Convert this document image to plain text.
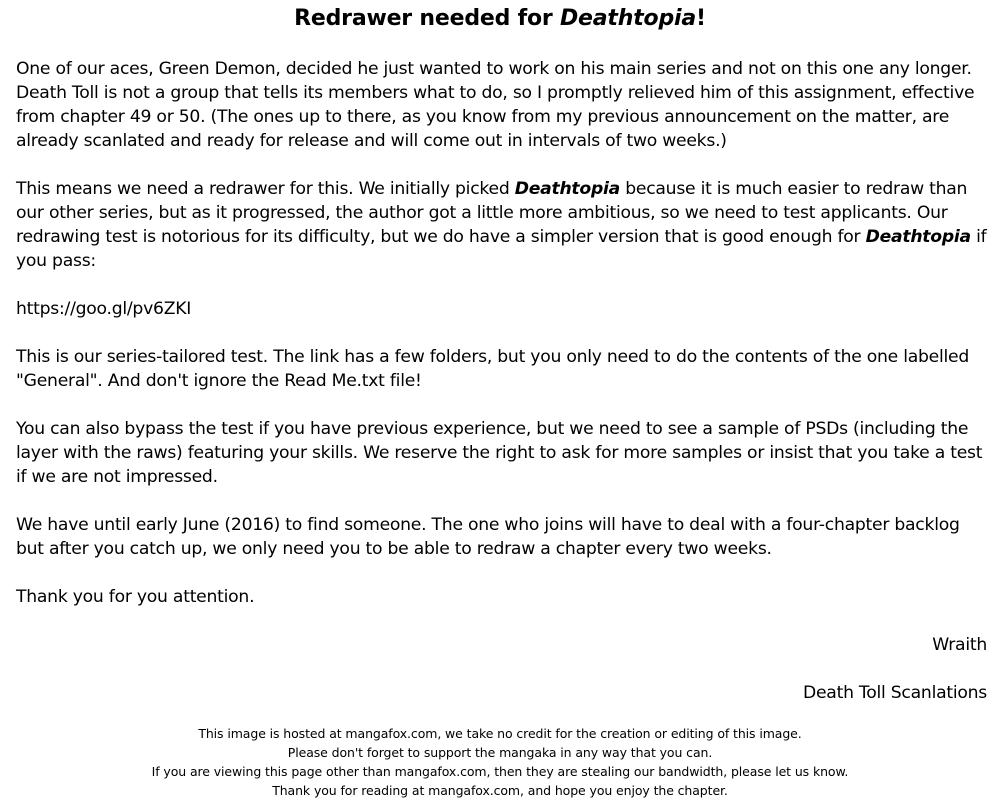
Redrawer needed for Deathtopia!

One of our aces, Green Demon, decided he just wanted to work on his main series and not on this one any longer. Death Toll is not a group that tells its members what to do, so I promptly relieved him of this assignment, effective from chapter 49 or 50. (The ones up to there, as you know from my previous announcement on the matter, are already scanlated and ready for release and will come out in intervals of two weeks.)

This means we need a redrawer for this. We initially picked Deathtopia because it is much easier to redraw than our other series, but as it progressed, the author got a little more ambitious, so we need to test applicants. Our redrawing test is notorious for its difficulty, but we do have a simpler version that is good enough for Deathtopia if you pass:

https://goo.gl/pv6ZKI

This is our series-tailored test. The link has a few folders, but you only need to do the contents of the one labelled "General". And don't ignore the Read Me.txt file!

You can also bypass the test if you have previous experience, but we need to see a sample of PSDs (including the layer with the raws) featuring your skills. We reserve the right to ask for more samples or insist that you take a test if we are not impressed.

We have until early June (2016) to find someone. The one who joins will have to deal with a four-chapter backlog but after you catch up, we only need you to be able to redraw a chapter every two weeks.

Thank you for you attention.

Wraith

Death Toll Scanlations

This image is hosted at mangafox.com, we take no credit for the creation or editing of this image.
Please don't forget to support the mangaka in any way that you can.
If you are viewing this page other than mangafox.com, then they are stealing our bandwidth, please let us know.
Thank you for reading at mangafox.com, and hope you enjoy the chapter.
